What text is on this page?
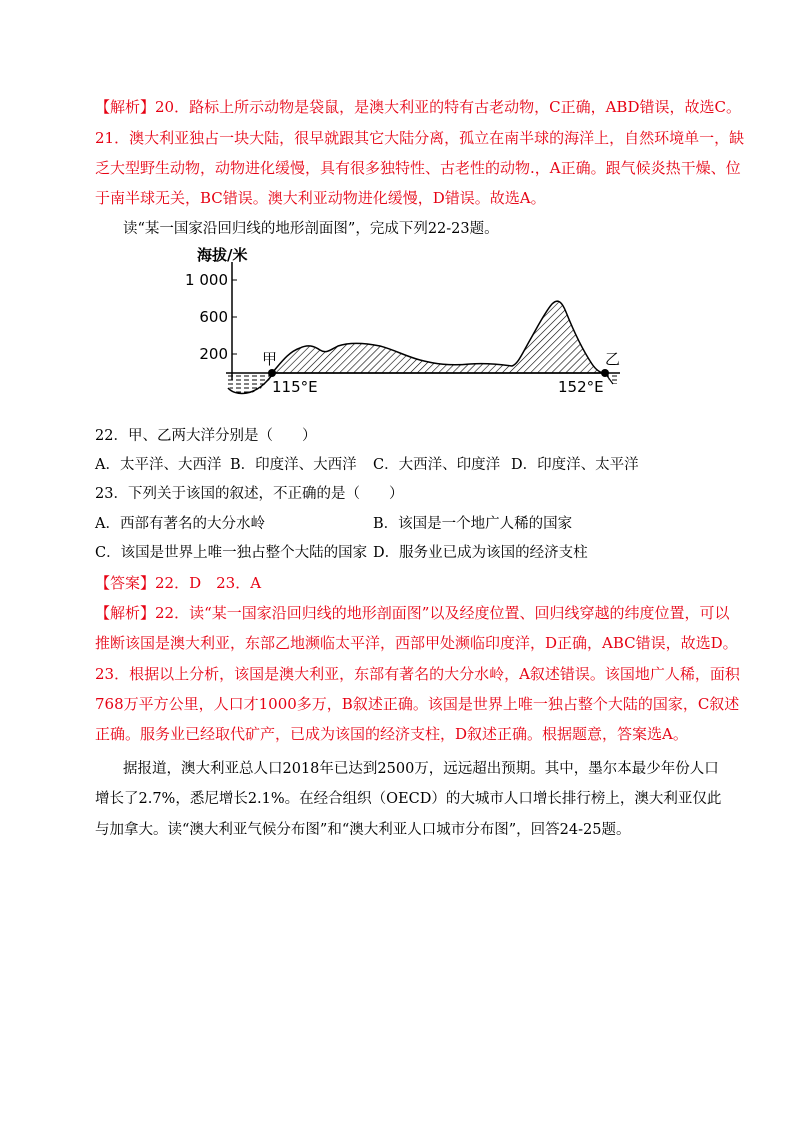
【解析】20．路标上所示动物是袋鼠，是澳大利亚的特有古老动物，C正确，ABD错误，故选C。
21．澳大利亚独占一块大陆，很早就跟其它大陆分离，孤立在南半球的海洋上，自然环境单一，缺
乏大型野生动物，动物进化缓慢，具有很多独特性、古老性的动物.，A正确。跟气候炎热干燥、位
于南半球无关，BC错误。澳大利亚动物进化缓慢，D错误。故选A。
读“某一国家沿回归线的地形剖面图”，完成下列22-23题。
海拔/米
1 000
600
200 甲	乙
115°E	152°E
22．甲、乙两大洋分别是（　　）
A．太平洋、大西洋 B．印度洋、大西洋 C．大西洋、印度洋 D．印度洋、太平洋
23．下列关于该国的叙述，不正确的是（　　）
A．西部有著名的大分水岭	B．该国是一个地广人稀的国家
C．该国是世界上唯一独占整个大陆的国家 D．服务业已成为该国的经济支柱
【答案】22．D　23．A
【解析】22．读“某一国家沿回归线的地形剖面图”以及经度位置、回归线穿越的纬度位置，可以
推断该国是澳大利亚，东部乙地濒临太平洋，西部甲处濒临印度洋，D正确，ABC错误，故选D。
23．根据以上分析，该国是澳大利亚，东部有著名的大分水岭，A叙述错误。该国地广人稀，面积
768万平方公里，人口才1000多万，B叙述正确。该国是世界上唯一独占整个大陆的国家，C叙述
正确。服务业已经取代矿产，已成为该国的经济支柱，D叙述正确。根据题意，答案选A。
据报道，澳大利亚总人口2018年已达到2500万，远远超出预期。其中，墨尔本最少年份人口
增长了2.7%，悉尼增长2.1%。在经合组织（OECD）的大城市人口增长排行榜上，澳大利亚仅此
与加拿大。读“澳大利亚气候分布图”和“澳大利亚人口城市分布图”，回答24-25题。
